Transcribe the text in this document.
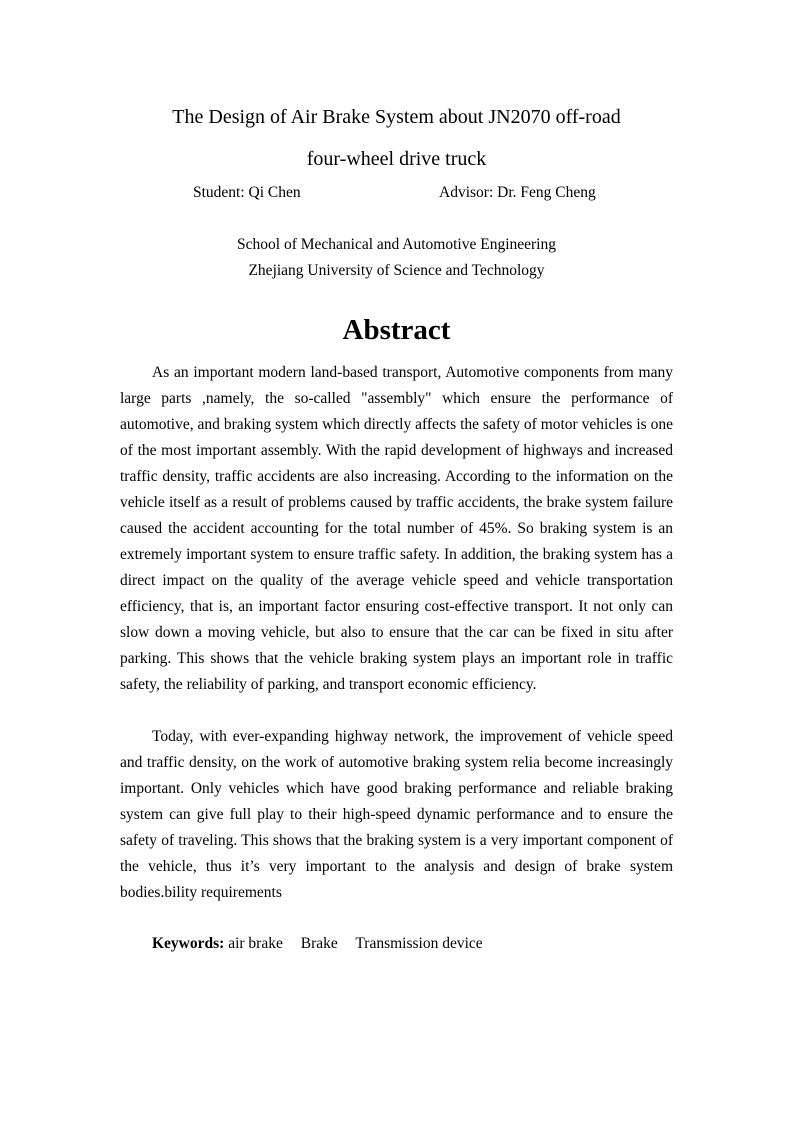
The Design of Air Brake System about JN2070 off-road
four-wheel drive truck
Student: Qi Chen	Advisor: Dr. Feng Cheng
School of Mechanical and Automotive Engineering
Zhejiang University of Science and Technology
Abstract

As an important modern land-based transport, Automotive components from many large parts ,namely, the so-called "assembly" which ensure the performance of automotive, and braking system which directly affects the safety of motor vehicles is one of the most important assembly. With the rapid development of highways and increased traffic density, traffic accidents are also increasing. According to the information on the vehicle itself as a result of problems caused by traffic accidents, the brake system failure caused the accident accounting for the total number of 45%. So braking system is an extremely important system to ensure traffic safety. In addition, the braking system has a direct impact on the quality of the average vehicle speed and vehicle transportation efficiency, that is, an important factor ensuring cost-effective transport. It not only can slow down a moving vehicle, but also to ensure that the car can be fixed in situ after parking. This shows that the vehicle braking system plays an important role in traffic safety, the reliability of parking, and transport economic efficiency.

Today, with ever-expanding highway network, the improvement of vehicle speed and traffic density, on the work of automotive braking system relia become increasingly important. Only vehicles which have good braking performance and reliable braking system can give full play to their high-speed dynamic performance and to ensure the safety of traveling. This shows that the braking system is a very important component of the vehicle, thus it’s very important to the analysis and design of brake system bodies.bility requirements

Keywords: air brake Brake Transmission device
